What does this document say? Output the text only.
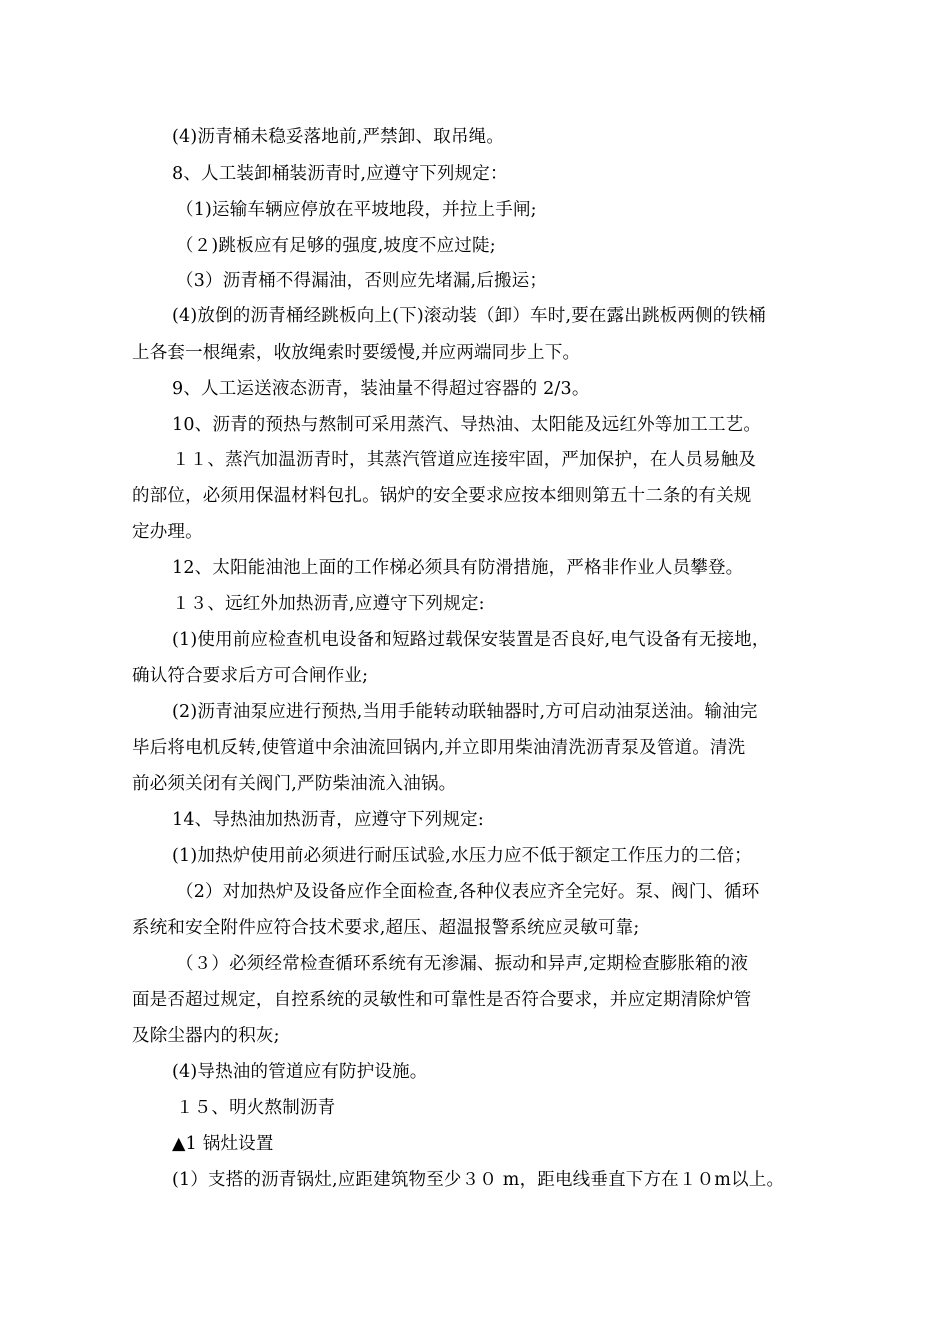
(4)沥青桶未稳妥落地前,严禁卸、取吊绳。
8、人工装卸桶装沥青时,应遵守下列规定：
（1)运输车辆应停放在平坡地段，并拉上手闸;
（２)跳板应有足够的强度,坡度不应过陡;
（3）沥青桶不得漏油，否则应先堵漏,后搬运；
(4)放倒的沥青桶经跳板向上(下)滚动装（卸）车时,要在露出跳板两侧的铁桶
上各套一根绳索，收放绳索时要缓慢,并应两端同步上下。
9、人工运送液态沥青，装油量不得超过容器的 2/3。
10、沥青的预热与熬制可采用蒸汽、导热油、太阳能及远红外等加工工艺。
１１、蒸汽加温沥青时，其蒸汽管道应连接牢固，严加保护，在人员易触及
的部位，必须用保温材料包扎。锅炉的安全要求应按本细则第五十二条的有关规
定办理。
12、太阳能油池上面的工作梯必须具有防滑措施，严格非作业人员攀登。
１３、远红外加热沥青,应遵守下列规定:
(1)使用前应检查机电设备和短路过载保安装置是否良好,电气设备有无接地，
确认符合要求后方可合闸作业;
(2)沥青油泵应进行预热,当用手能转动联轴器时,方可启动油泵送油。输油完
毕后将电机反转,使管道中余油流回锅内,并立即用柴油清洗沥青泵及管道。清洗
前必须关闭有关阀门,严防柴油流入油锅。
14、导热油加热沥青，应遵守下列规定:
(1)加热炉使用前必须进行耐压试验,水压力应不低于额定工作压力的二倍；
（2）对加热炉及设备应作全面检查,各种仪表应齐全完好。泵、阀门、循环
系统和安全附件应符合技术要求,超压、超温报警系统应灵敏可靠;
（３）必须经常检查循环系统有无渗漏、振动和异声,定期检查膨胀箱的液
面是否超过规定，自控系统的灵敏性和可靠性是否符合要求，并应定期清除炉管
及除尘器内的积灰;
(4)导热油的管道应有防护设施。
１５、明火熬制沥青
▲1 锅灶设置
(1）支搭的沥青锅灶,应距建筑物至少３０ m，距电线垂直下方在１０m以上。
